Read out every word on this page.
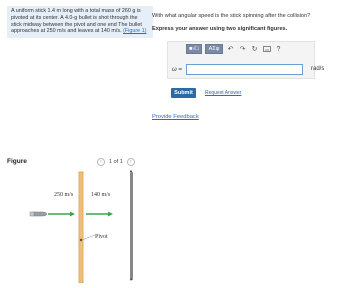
A uniform stick 1.4 m long with a total mass of 260 g is pivoted at its center. A 4.0-g bullet is shot through the stick midway between the pivot and one end The bullet approaches at 250 m/s and leaves at 140 m/s. (Figure 1)
Figure	‹	1 of 1	›
250 m/s	140 m/s
Pivot
▲
▼
With what angular speed is the stick spinning after the collision?
Express your answer using two significant figures.
■√□	AΣφ	↶ ↷ ↻	?
ω =	rad/s
Submit	Request Answer
Provide Feedback
